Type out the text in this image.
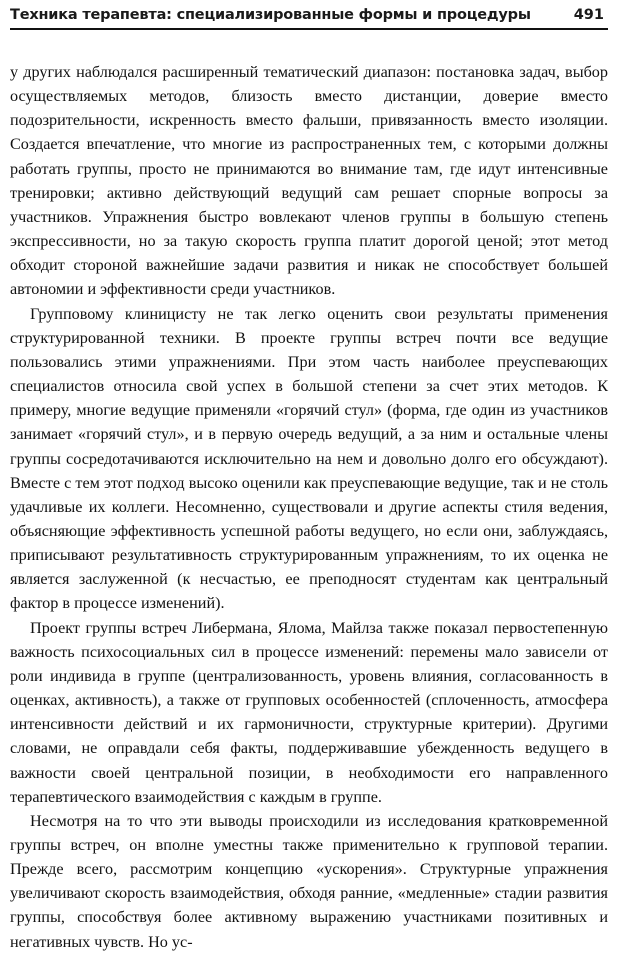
Техника терапевта: специализированные формы и процедуры	491

у других наблюдался расширенный тематический диапазон: постановка задач, выбор осуществляемых методов, близость вместо дистанции, доверие вместо подозрительности, искренность вместо фальши, привязанность вместо изоляции. Создается впечатление, что многие из распространенных тем, с которыми должны работать группы, просто не принимаются во внимание там, где идут интенсивные тренировки; активно действующий ведущий сам решает спорные вопросы за участников. Упражнения быстро вовлекают членов группы в большую степень экспрессивности, но за такую скорость группа платит дорогой ценой; этот метод обходит стороной важнейшие задачи развития и никак не способствует большей автономии и эффективности среди участников.

Групповому клиницисту не так легко оценить свои результаты применения структурированной техники. В проекте группы встреч почти все ведущие пользовались этими упражнениями. При этом часть наиболее преуспевающих специалистов относила свой успех в большой степени за счет этих методов. К примеру, многие ведущие применяли «горячий стул» (форма, где один из участников занимает «горячий стул», и в первую очередь ведущий, а за ним и остальные члены группы сосредотачиваются исключительно на нем и довольно долго его обсуждают). Вместе с тем этот подход высоко оценили как преуспевающие ведущие, так и не столь удачливые их коллеги. Несомненно, существовали и другие аспекты стиля ведения, объясняющие эффективность успешной работы ведущего, но если они, заблуждаясь, приписывают результативность структурированным упражнениям, то их оценка не является заслуженной (к несчастью, ее преподносят студентам как центральный фактор в процессе изменений).

Проект группы встреч Либермана, Ялома, Майлза также показал первостепенную важность психосоциальных сил в процессе изменений: перемены мало зависели от роли индивида в группе (централизованность, уровень влияния, согласованность в оценках, активность), а также от групповых особенностей (сплоченность, атмосфера интенсивности действий и их гармоничности, структурные критерии). Другими словами, не оправдали себя факты, поддерживавшие убежденность ведущего в важности своей центральной позиции, в необходимости его направленного терапевтического взаимодействия с каждым в группе.

Несмотря на то что эти выводы происходили из исследования кратковременной группы встреч, он вполне уместны также применительно к групповой терапии. Прежде всего, рассмотрим концепцию «ускорения». Структурные упражнения увеличивают скорость взаимодействия, обходя ранние, «медленные» стадии развития группы, способствуя более активному выражению участниками позитивных и негативных чувств. Но ус-
